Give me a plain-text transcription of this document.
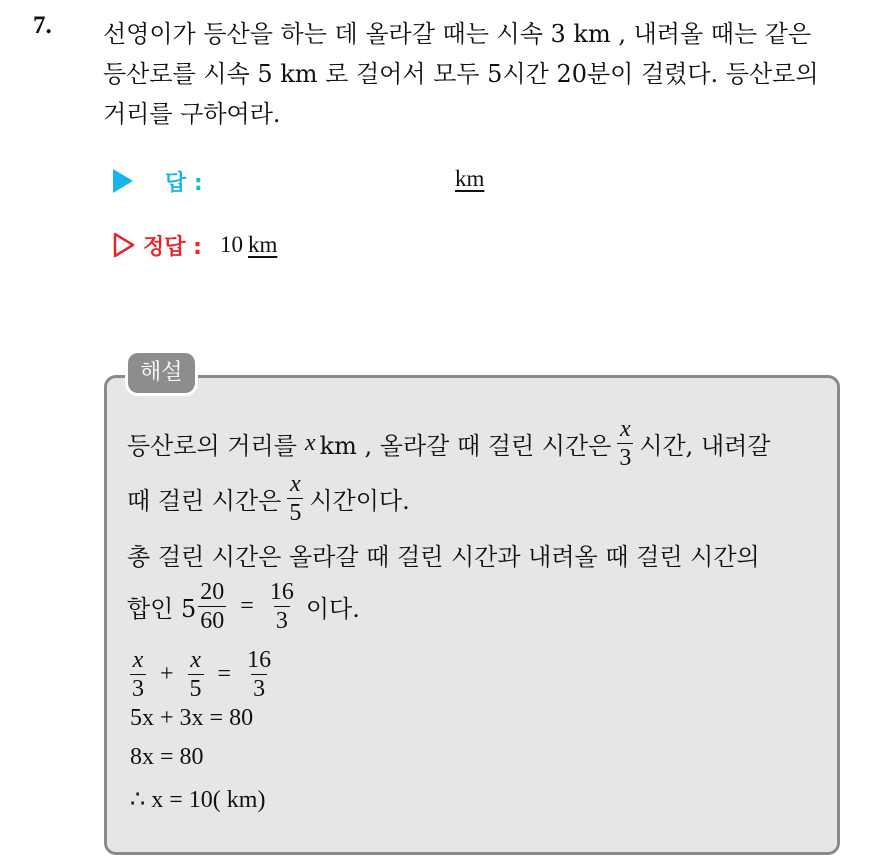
7. 선영이가 등산을 하는 데 올라갈 때는 시속 3 km , 내려올 때는 같은
등산로를 시속 5 km 로 걸어서 모두 5시간 20분이 걸렸다. 등산로의
거리를 구하여라.
답 :	km
정답 : 10 km
해설
등산로의 거리를 x km , 올라갈 때 걸린 시간은 $\frac{x}{3}$ 시간, 내려갈
때 걸린 시간은 $\frac{x}{5}$ 시간이다.
총 걸린 시간은 올라갈 때 걸린 시간과 내려올 때 걸린 시간의
합인 $5 \frac{20}{60} = \frac{16}{3}$ 이다.
$\frac{x}{3} + \frac{x}{5} = \frac{16}{3}$
5x + 3x = 80
8x = 80
∴ x = 10( km)
